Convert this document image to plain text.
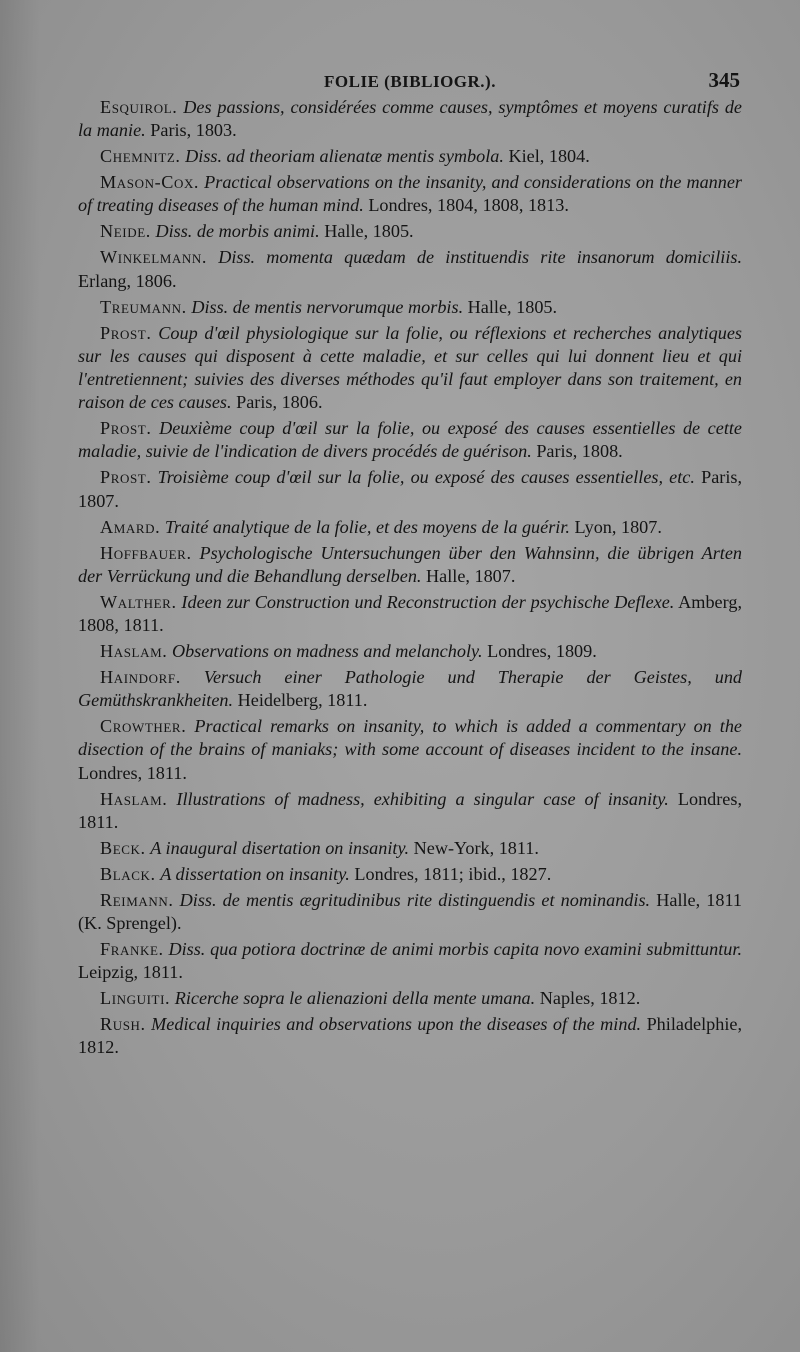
FOLIE (BIBLIOGR.).	345

Esquirol. Des passions, considérées comme causes, symptômes et moyens curatifs de la manie. Paris, 1803.

Chemnitz. Diss. ad theoriam alienatæ mentis symbola. Kiel, 1804.

Mason-Cox. Practical observations on the insanity, and considerations on the manner of treating diseases of the human mind. Londres, 1804, 1808, 1813.

Neide. Diss. de morbis animi. Halle, 1805.

Winkelmann. Diss. momenta quædam de instituendis rite insanorum domiciliis. Erlang, 1806.

Treumann. Diss. de mentis nervorumque morbis. Halle, 1805.

Prost. Coup d'œil physiologique sur la folie, ou réflexions et recherches analytiques sur les causes qui disposent à cette maladie, et sur celles qui lui donnent lieu et qui l'entretiennent; suivies des diverses méthodes qu'il faut employer dans son traitement, en raison de ces causes. Paris, 1806.

Prost. Deuxième coup d'œil sur la folie, ou exposé des causes essentielles de cette maladie, suivie de l'indication de divers procédés de guérison. Paris, 1808.

Prost. Troisième coup d'œil sur la folie, ou exposé des causes essentielles, etc. Paris, 1807.

Amard. Traité analytique de la folie, et des moyens de la guérir. Lyon, 1807.

Hoffbauer. Psychologische Untersuchungen über den Wahnsinn, die übrigen Arten der Verrückung und die Behandlung derselben. Halle, 1807.

Walther. Ideen zur Construction und Reconstruction der psychische Deflexe. Amberg, 1808, 1811.

Haslam. Observations on madness and melancholy. Londres, 1809.

Haindorf. Versuch einer Pathologie und Therapie der Geistes, und Gemüthskrankheiten. Heidelberg, 1811.

Crowther. Practical remarks on insanity, to which is added a commentary on the disection of the brains of maniaks; with some account of diseases incident to the insane. Londres, 1811.

Haslam. Illustrations of madness, exhibiting a singular case of insanity. Londres, 1811.

Beck. A inaugural disertation on insanity. New-York, 1811.

Black. A dissertation on insanity. Londres, 1811; ibid., 1827.

Reimann. Diss. de mentis ægritudinibus rite distinguendis et nominandis. Halle, 1811 (K. Sprengel).

Franke. Diss. qua potiora doctrinæ de animi morbis capita novo examini submittuntur. Leipzig, 1811.

Linguiti. Ricerche sopra le alienazioni della mente umana. Naples, 1812.

Rush. Medical inquiries and observations upon the diseases of the mind. Philadelphie, 1812.
